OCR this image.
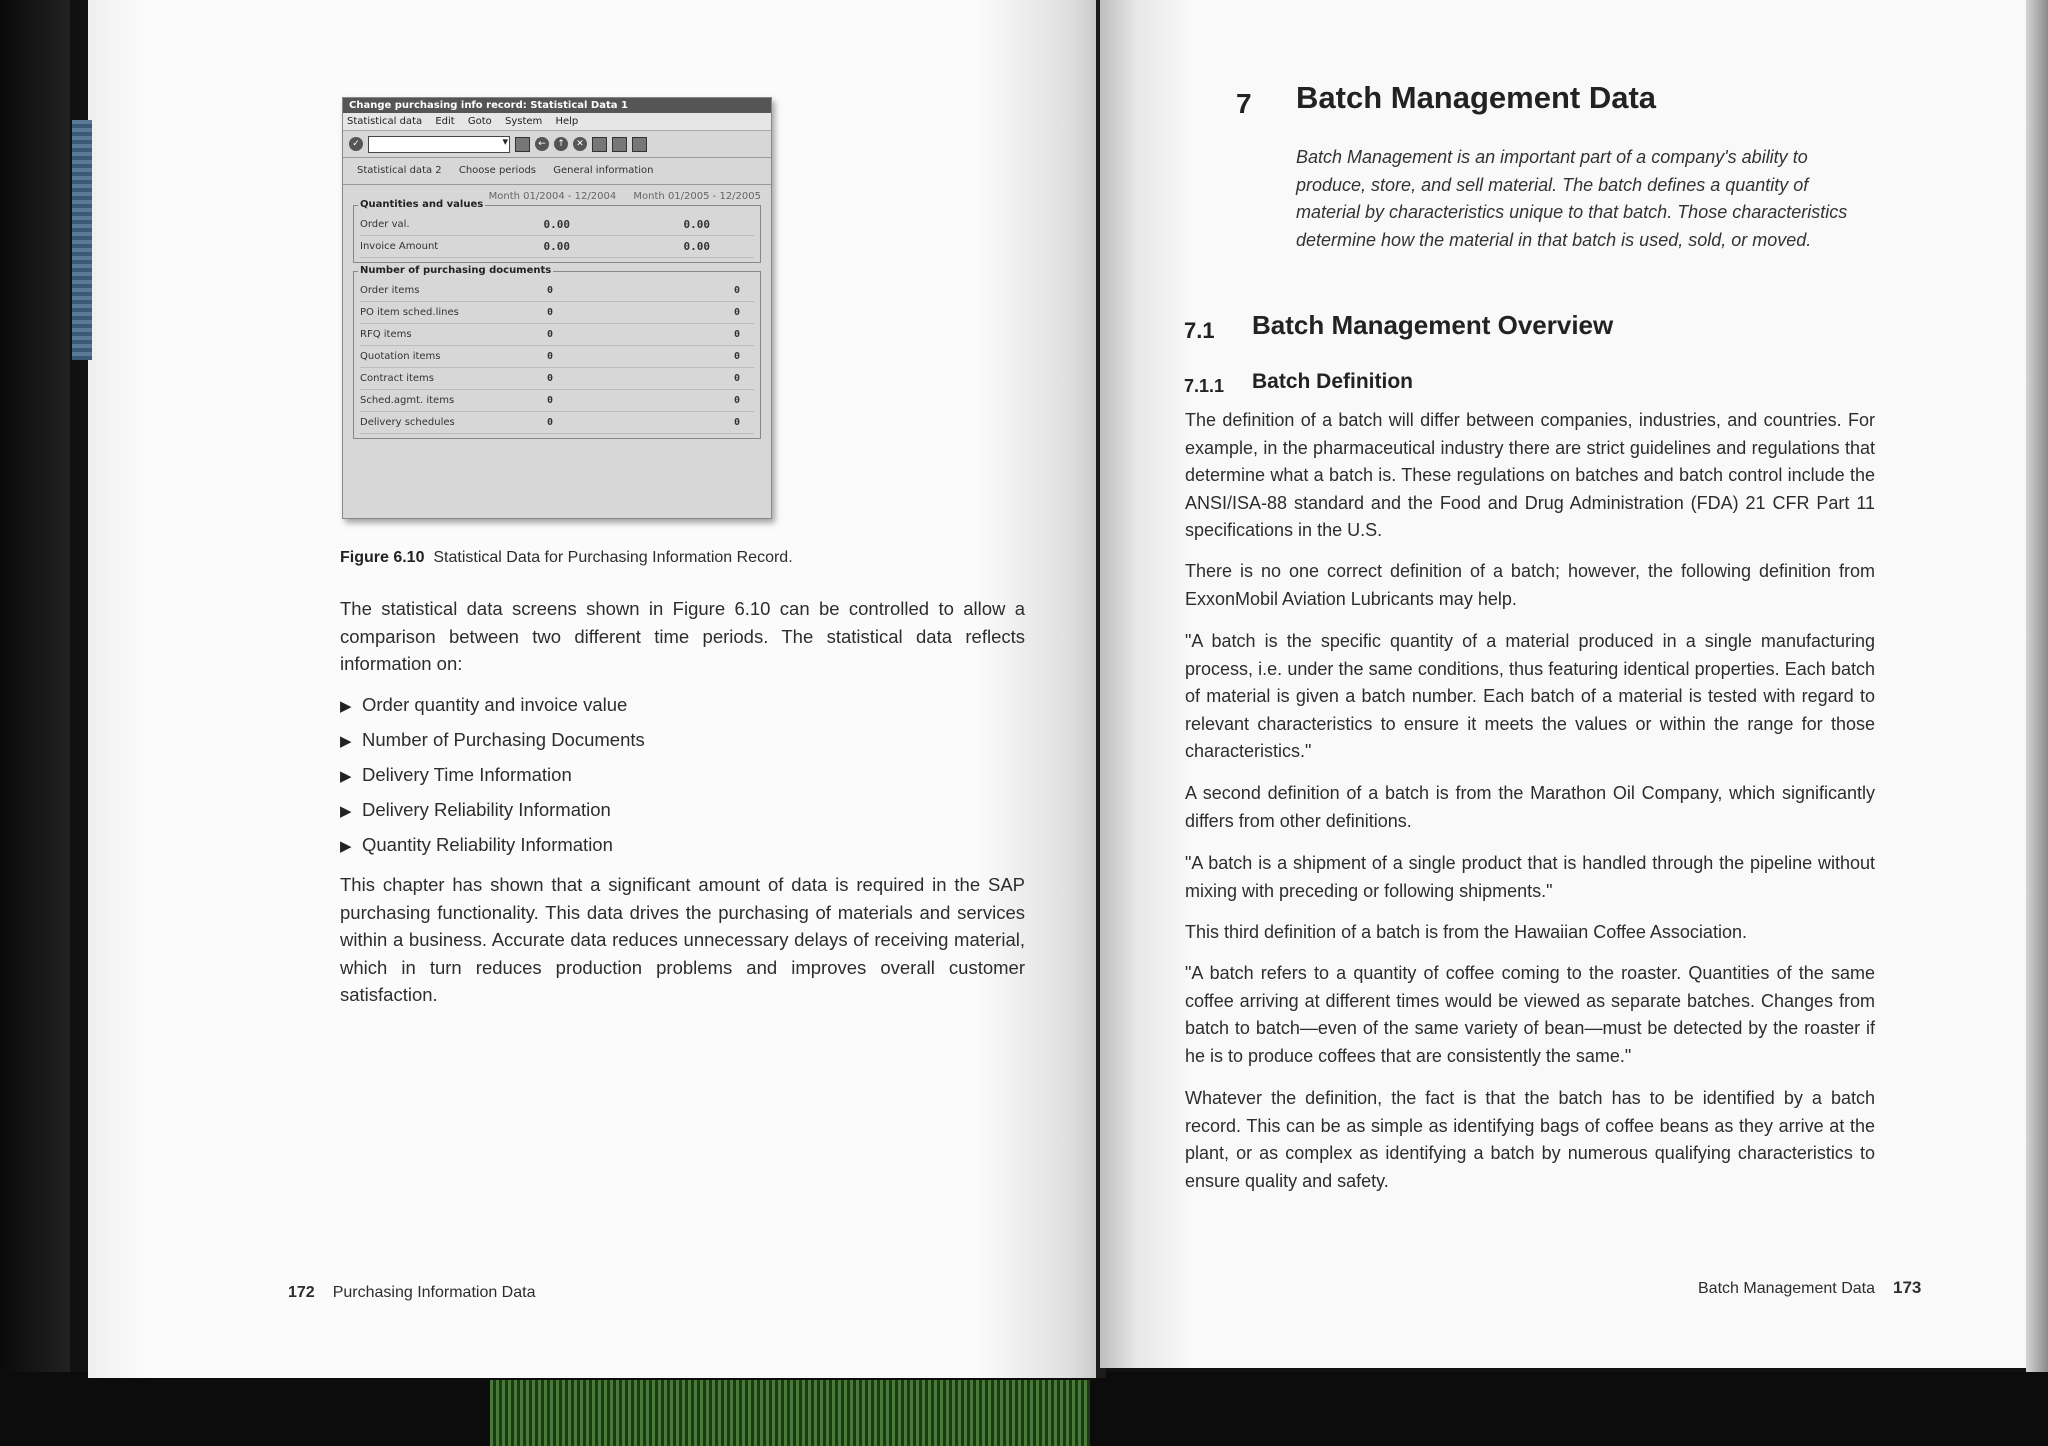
Change purchasing info record: Statistical Data 1
Statistical data Edit Goto System Help
✓
▾	←	↑	✕
Statistical data 2 Choose periods General information
Month 01/2004 - 12/2004 Month 01/2005 - 12/2005
Quantities and values
Order val.	0.00	0.00
Invoice Amount	0.00	0.00
Number of purchasing documents
Order items	0	0
PO item sched.lines	0	0
RFQ items	0	0
Quotation items	0	0
Contract items	0	0
Sched.agmt. items	0	0
Delivery schedules	0	0
Figure 6.10 Statistical Data for Purchasing Information Record.
The statistical data screens shown in Figure 6.10 can be controlled to allow a comparison between two different time periods. The statistical data reflects information on:
▶ Order quantity and invoice value
▶ Number of Purchasing Documents
▶ Delivery Time Information
▶ Delivery Reliability Information
▶ Quantity Reliability Information
This chapter has shown that a significant amount of data is required in the SAP purchasing functionality. This data drives the purchasing of materials and services within a business. Accurate data reduces unnecessary delays of receiving material, which in turn reduces production problems and improves overall customer satisfaction.
172 Purchasing Information Data
7 Batch Management Data
Batch Management is an important part of a company's ability to produce, store, and sell material. The batch defines a quantity of material by characteristics unique to that batch. Those characteristics determine how the material in that batch is used, sold, or moved.
7.1 Batch Management Overview
7.1.1 Batch Definition
The definition of a batch will differ between companies, industries, and countries. For example, in the pharmaceutical industry there are strict guidelines and regulations that determine what a batch is. These regulations on batches and batch control include the ANSI/ISA-88 standard and the Food and Drug Administration (FDA) 21 CFR Part 11 specifications in the U.S.
There is no one correct definition of a batch; however, the following definition from ExxonMobil Aviation Lubricants may help.
"A batch is the specific quantity of a material produced in a single manufacturing process, i.e. under the same conditions, thus featuring identical properties. Each batch of material is given a batch number. Each batch of a material is tested with regard to relevant characteristics to ensure it meets the values or within the range for those characteristics."
A second definition of a batch is from the Marathon Oil Company, which significantly differs from other definitions.
"A batch is a shipment of a single product that is handled through the pipeline without mixing with preceding or following shipments."
This third definition of a batch is from the Hawaiian Coffee Association.
"A batch refers to a quantity of coffee coming to the roaster. Quantities of the same coffee arriving at different times would be viewed as separate batches. Changes from batch to batch—even of the same variety of bean—must be detected by the roaster if he is to produce coffees that are consistently the same."
Whatever the definition, the fact is that the batch has to be identified by a batch record. This can be as simple as identifying bags of coffee beans as they arrive at the plant, or as complex as identifying a batch by numerous qualifying characteristics to ensure quality and safety.
Batch Management Data 173
